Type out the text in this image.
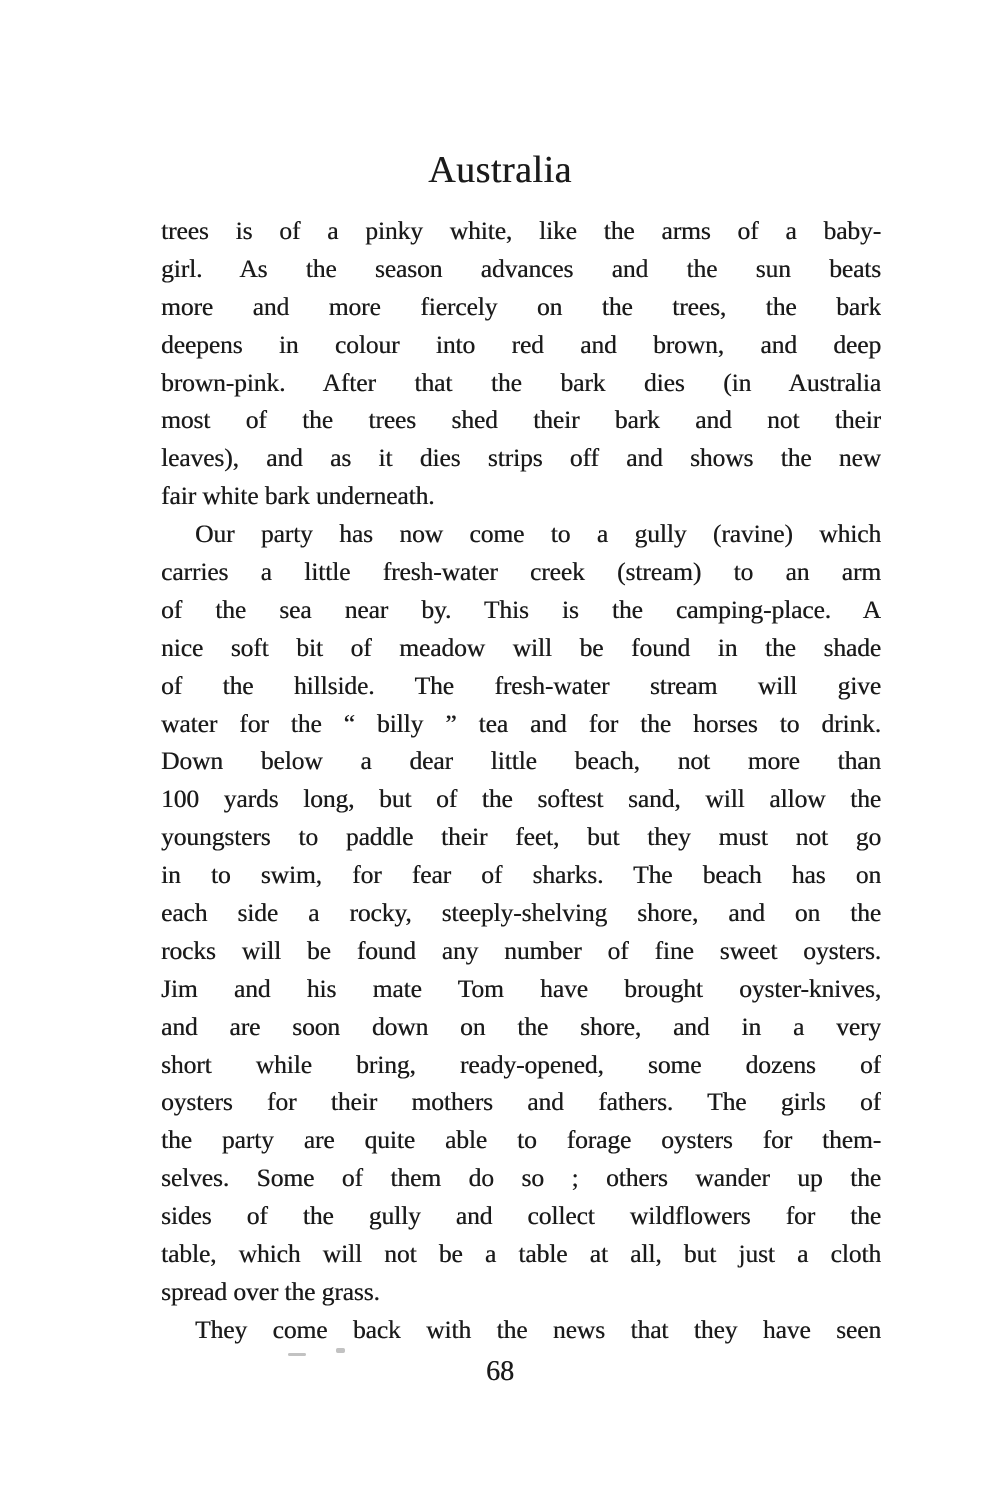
Australia
trees is of a pinky white, like the arms of a baby-
girl. As the season advances and the sun beats
more and more fiercely on the trees, the bark
deepens in colour into red and brown, and deep
brown-pink. After that the bark dies (in Australia
most of the trees shed their bark and not their
leaves), and as it dies strips off and shows the new
fair white bark underneath.
Our party has now come to a gully (ravine) which
carries a little fresh-water creek (stream) to an arm
of the sea near by. This is the camping-place. A
nice soft bit of meadow will be found in the shade
of the hillside. The fresh-water stream will give
water for the “ billy ” tea and for the horses to drink.
Down below a dear little beach, not more than
100 yards long, but of the softest sand, will allow the
youngsters to paddle their feet, but they must not go
in to swim, for fear of sharks. The beach has on
each side a rocky, steeply-shelving shore, and on the
rocks will be found any number of fine sweet oysters.
Jim and his mate Tom have brought oyster-knives,
and are soon down on the shore, and in a very
short while bring, ready-opened, some dozens of
oysters for their mothers and fathers. The girls of
the party are quite able to forage oysters for them-
selves. Some of them do so ; others wander up the
sides of the gully and collect wildflowers for the
table, which will not be a table at all, but just a cloth
spread over the grass.
They come back with the news that they have seen
68
